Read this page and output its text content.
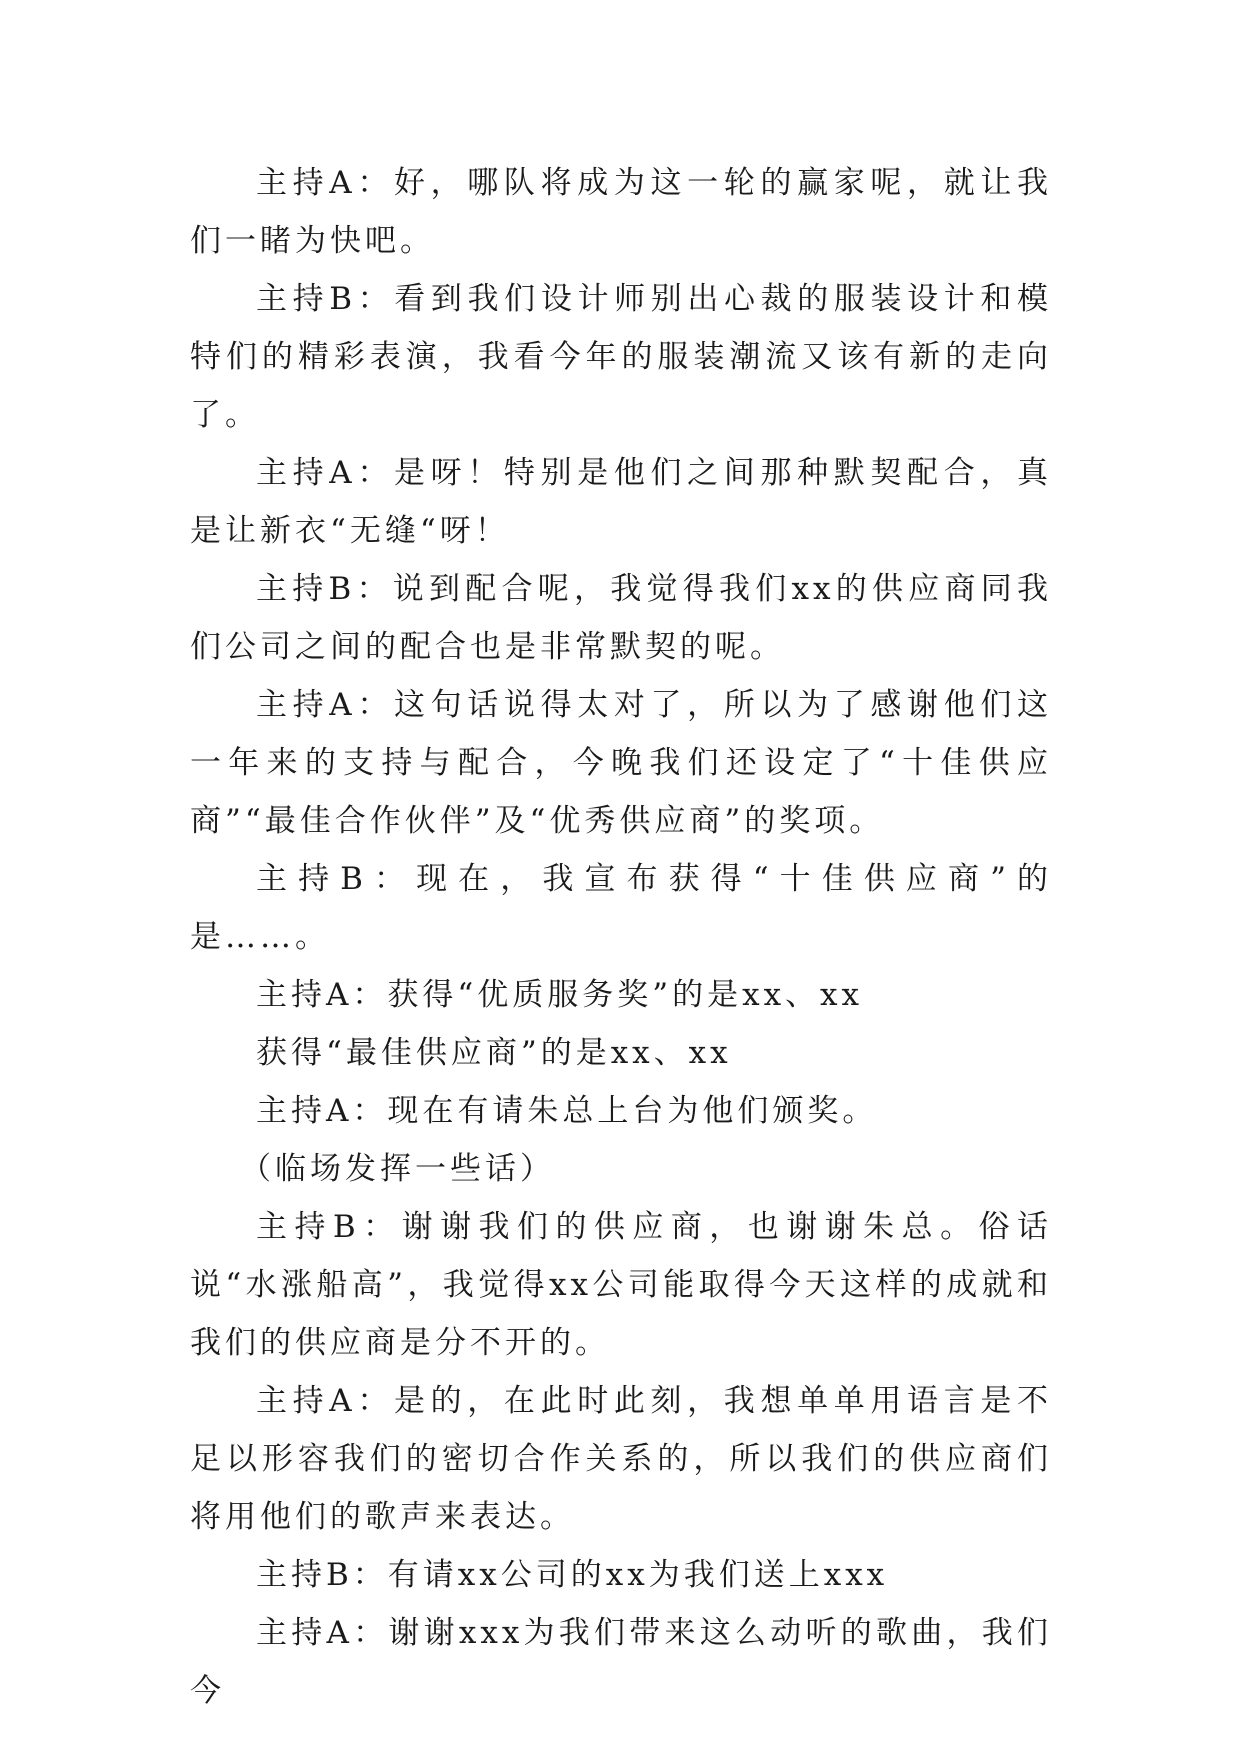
主持A：好，哪队将成为这一轮的赢家呢，就让我们一睹为快吧。

主持B：看到我们设计师别出心裁的服装设计和模特们的精彩表演，我看今年的服装潮流又该有新的走向了。

主持A：是呀！特别是他们之间那种默契配合，真是让新衣“无缝“呀！

主持B：说到配合呢，我觉得我们xx的供应商同我们公司之间的配合也是非常默契的呢。

主持A：这句话说得太对了，所以为了感谢他们这一年来的支持与配合，今晚我们还设定了“十佳供应商”“最佳合作伙伴”及“优秀供应商”的奖项。

主持B：现在，我宣布获得“十佳供应商”的是……。

主持A：获得“优质服务奖”的是xx、xx

获得“最佳供应商”的是xx、xx

主持A：现在有请朱总上台为他们颁奖。

（临场发挥一些话）

主持B：谢谢我们的供应商，也谢谢朱总。俗话说“水涨船高”，我觉得xx公司能取得今天这样的成就和我们的供应商是分不开的。

主持A：是的，在此时此刻，我想单单用语言是不足以形容我们的密切合作关系的，所以我们的供应商们将用他们的歌声来表达。

主持B：有请xx公司的xx为我们送上xxx

主持A：谢谢xxx为我们带来这么动听的歌曲，我们今
